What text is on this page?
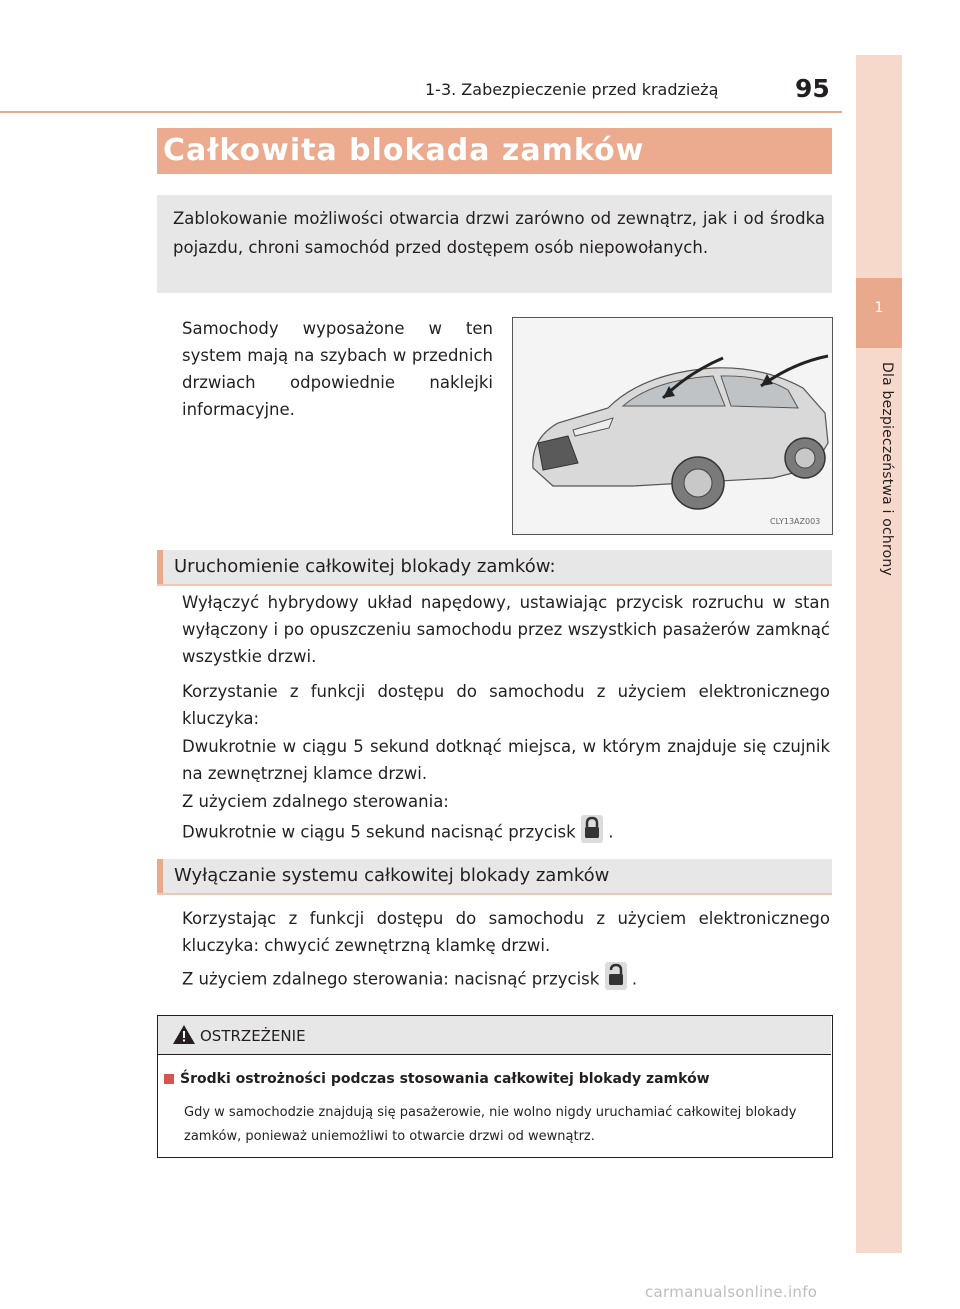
1-3. Zabezpieczenie przed kradzieżą	95
1
Dla bezpieczeństwa i ochrony
Całkowita blokada zamków
Zablokowanie możliwości otwarcia drzwi zarówno od zewnątrz, jak i od środka pojazdu, chroni samochód przed dostępem osób niepowołanych.
Samochody wyposażone w ten system mają na szybach w przednich drzwiach odpowiednie naklejki informacyjne.
CLY13AZ003
Uruchomienie całkowitej blokady zamków:
Wyłączyć hybrydowy układ napędowy, ustawiając przycisk rozruchu w stan wyłączony i po opuszczeniu samochodu przez wszystkich pasażerów zamknąć wszystkie drzwi.
Korzystanie z funkcji dostępu do samochodu z użyciem elektronicznego kluczyka:
Dwukrotnie w ciągu 5 sekund dotknąć miejsca, w którym znajduje się czujnik na zewnętrznej klamce drzwi.
Z użyciem zdalnego sterowania:
Dwukrotnie w ciągu 5 sekund nacisnąć przycisk .
Wyłączanie systemu całkowitej blokady zamków
Korzystając z funkcji dostępu do samochodu z użyciem elektronicznego kluczyka: chwycić zewnętrzną klamkę drzwi.
Z użyciem zdalnego sterowania: nacisnąć przycisk .
OSTRZEŻENIE
Środki ostrożności podczas stosowania całkowitej blokady zamków
Gdy w samochodzie znajdują się pasażerowie, nie wolno nigdy uruchamiać całkowitej blokady zamków, ponieważ uniemożliwi to otwarcie drzwi od wewnątrz.
carmanualsonline.info
